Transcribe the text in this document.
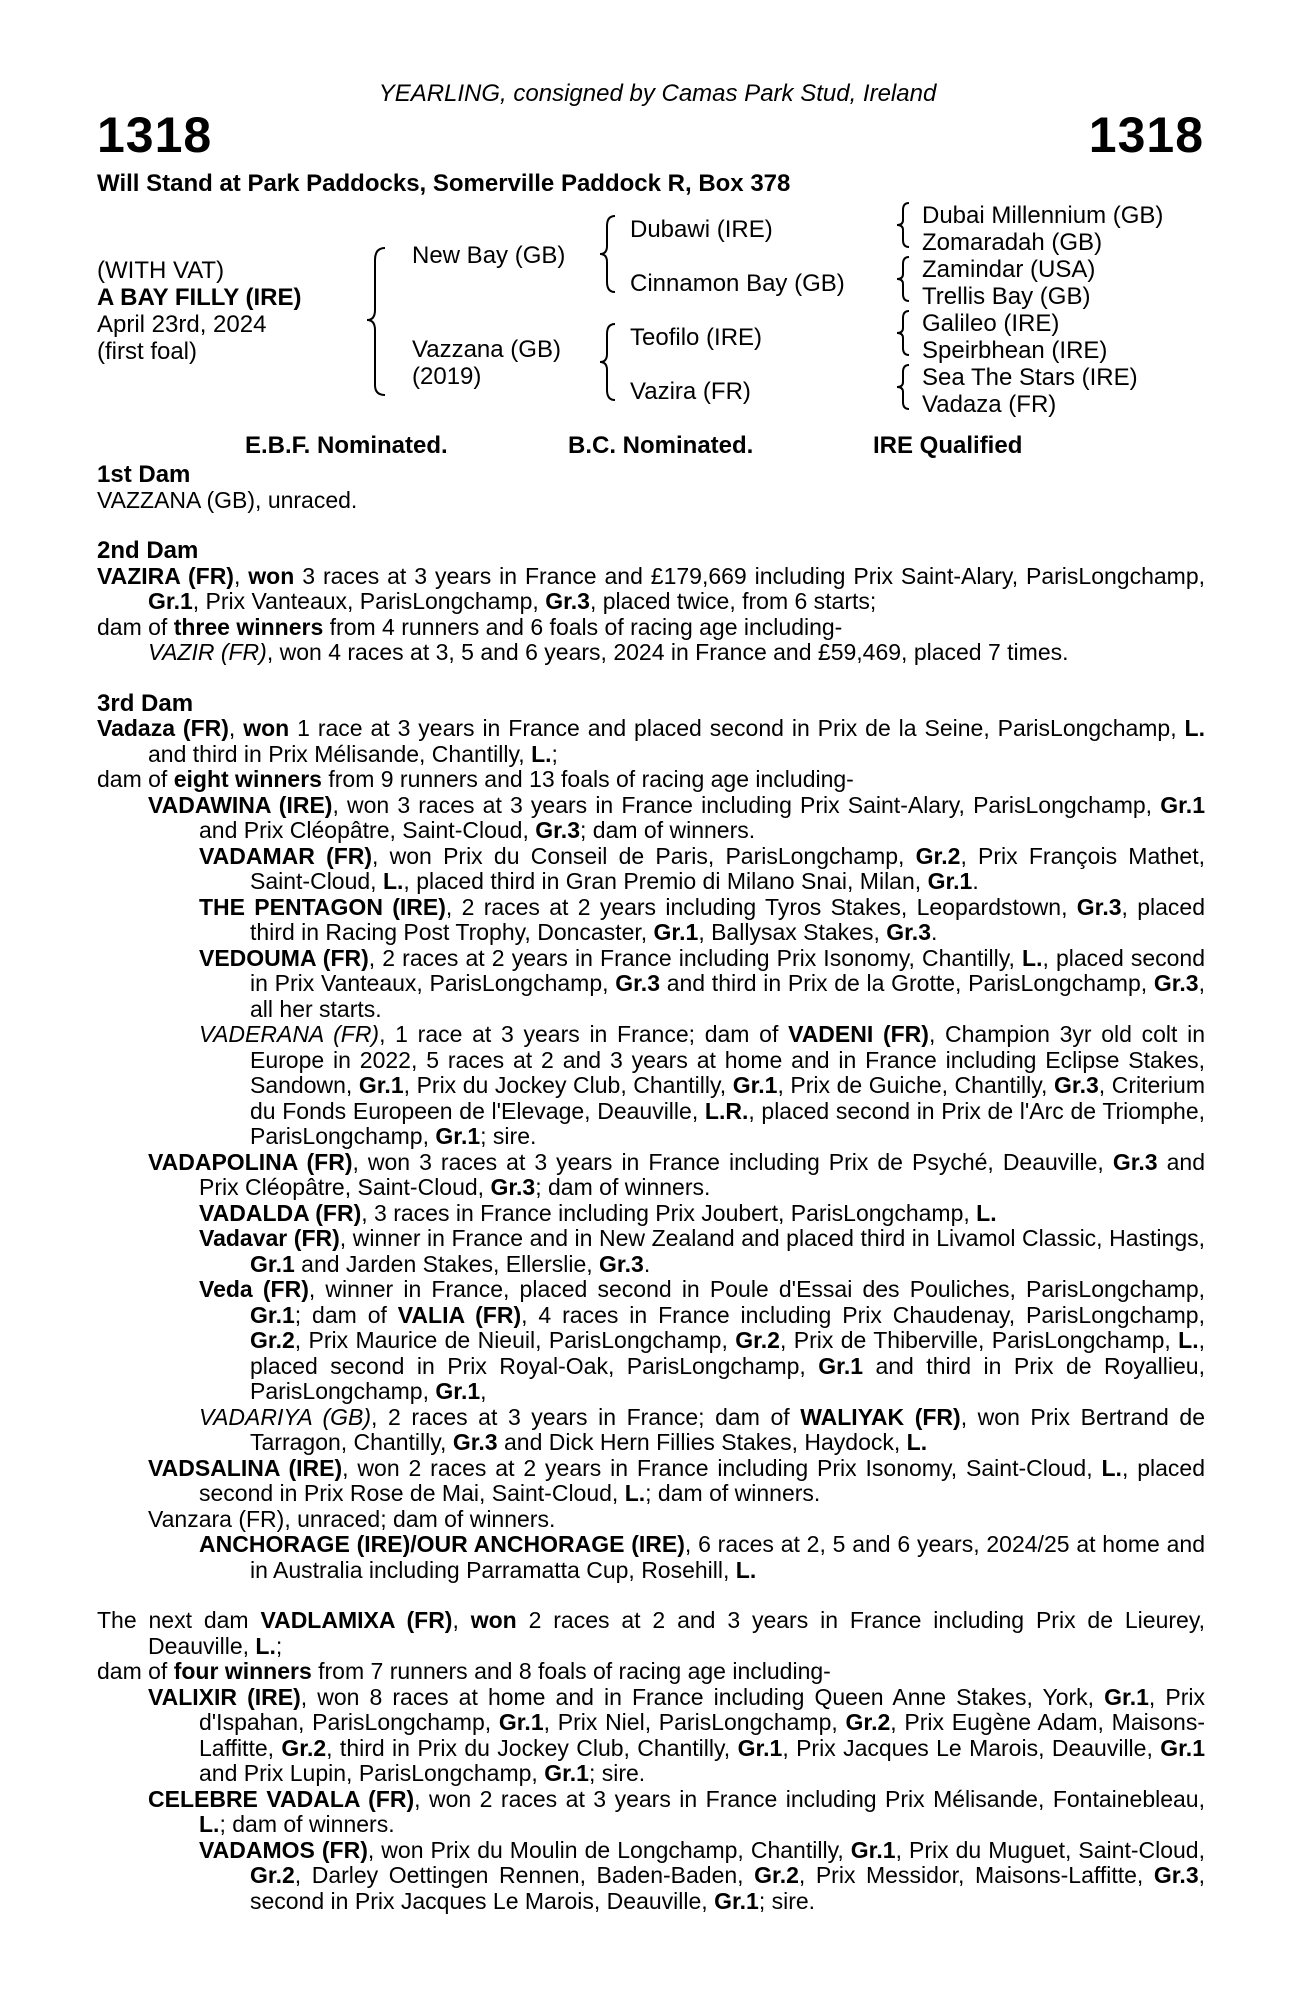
YEARLING, consigned by Camas Park Stud, Ireland
1318	1318
Will Stand at Park Paddocks, Somerville Paddock R, Box 378
(WITH VAT)
A BAY FILLY (IRE)
April 23rd, 2024
(first foal)
New Bay (GB)
Vazzana (GB)
(2019)
Dubawi (IRE)
Cinnamon Bay (GB)
Teofilo (IRE)
Vazira (FR)
Dubai Millennium (GB)
Zomaradah (GB)
Zamindar (USA)
Trellis Bay (GB)
Galileo (IRE)
Speirbhean (IRE)
Sea The Stars (IRE)
Vadaza (FR)
E.B.F. Nominated.	B.C. Nominated.	IRE Qualified
1st Dam

VAZZANA (GB), unraced.

2nd Dam

VAZIRA (FR), won 3 races at 3 years in France and £179,669 including Prix Saint-Alary, ParisLongchamp, Gr.1, Prix Vanteaux, ParisLongchamp, Gr.3, placed twice, from 6 starts;

dam of three winners from 4 runners and 6 foals of racing age including-

VAZIR (FR), won 4 races at 3, 5 and 6 years, 2024 in France and £59,469, placed 7 times.

3rd Dam

Vadaza (FR), won 1 race at 3 years in France and placed second in Prix de la Seine, ParisLongchamp, L. and third in Prix Mélisande, Chantilly, L.;

dam of eight winners from 9 runners and 13 foals of racing age including-

VADAWINA (IRE), won 3 races at 3 years in France including Prix Saint-Alary, ParisLongchamp, Gr.1 and Prix Cléopâtre, Saint-Cloud, Gr.3; dam of winners.

VADAMAR (FR), won Prix du Conseil de Paris, ParisLongchamp, Gr.2, Prix François Mathet, Saint-Cloud, L., placed third in Gran Premio di Milano Snai, Milan, Gr.1.

THE PENTAGON (IRE), 2 races at 2 years including Tyros Stakes, Leopardstown, Gr.3, placed third in Racing Post Trophy, Doncaster, Gr.1, Ballysax Stakes, Gr.3.

VEDOUMA (FR), 2 races at 2 years in France including Prix Isonomy, Chantilly, L., placed second in Prix Vanteaux, ParisLongchamp, Gr.3 and third in Prix de la Grotte, ParisLongchamp, Gr.3, all her starts.

VADERANA (FR), 1 race at 3 years in France; dam of VADENI (FR), Champion 3yr old colt in Europe in 2022, 5 races at 2 and 3 years at home and in France including Eclipse Stakes, Sandown, Gr.1, Prix du Jockey Club, Chantilly, Gr.1, Prix de Guiche, Chantilly, Gr.3, Criterium du Fonds Europeen de l'Elevage, Deauville, L.R., placed second in Prix de l'Arc de Triomphe, ParisLongchamp, Gr.1; sire.

VADAPOLINA (FR), won 3 races at 3 years in France including Prix de Psyché, Deauville, Gr.3 and Prix Cléopâtre, Saint-Cloud, Gr.3; dam of winners.

VADALDA (FR), 3 races in France including Prix Joubert, ParisLongchamp, L.

Vadavar (FR), winner in France and in New Zealand and placed third in Livamol Classic, Hastings, Gr.1 and Jarden Stakes, Ellerslie, Gr.3.

Veda (FR), winner in France, placed second in Poule d'Essai des Pouliches, ParisLongchamp, Gr.1; dam of VALIA (FR), 4 races in France including Prix Chaudenay, ParisLongchamp, Gr.2, Prix Maurice de Nieuil, ParisLongchamp, Gr.2, Prix de Thiberville, ParisLongchamp, L., placed second in Prix Royal-Oak, ParisLongchamp, Gr.1 and third in Prix de Royallieu, ParisLongchamp, Gr.1,

VADARIYA (GB), 2 races at 3 years in France; dam of WALIYAK (FR), won Prix Bertrand de Tarragon, Chantilly, Gr.3 and Dick Hern Fillies Stakes, Haydock, L.

VADSALINA (IRE), won 2 races at 2 years in France including Prix Isonomy, Saint-Cloud, L., placed second in Prix Rose de Mai, Saint-Cloud, L.; dam of winners.

Vanzara (FR), unraced; dam of winners.

ANCHORAGE (IRE)/OUR ANCHORAGE (IRE), 6 races at 2, 5 and 6 years, 2024/25 at home and in Australia including Parramatta Cup, Rosehill, L.

The next dam VADLAMIXA (FR), won 2 races at 2 and 3 years in France including Prix de Lieurey, Deauville, L.;

dam of four winners from 7 runners and 8 foals of racing age including-

VALIXIR (IRE), won 8 races at home and in France including Queen Anne Stakes, York, Gr.1, Prix d'Ispahan, ParisLongchamp, Gr.1, Prix Niel, ParisLongchamp, Gr.2, Prix Eugène Adam, Maisons-Laffitte, Gr.2, third in Prix du Jockey Club, Chantilly, Gr.1, Prix Jacques Le Marois, Deauville, Gr.1 and Prix Lupin, ParisLongchamp, Gr.1; sire.

CELEBRE VADALA (FR), won 2 races at 3 years in France including Prix Mélisande, Fontainebleau, L.; dam of winners.

VADAMOS (FR), won Prix du Moulin de Longchamp, Chantilly, Gr.1, Prix du Muguet, Saint-Cloud, Gr.2, Darley Oettingen Rennen, Baden-Baden, Gr.2, Prix Messidor, Maisons-Laffitte, Gr.3, second in Prix Jacques Le Marois, Deauville, Gr.1; sire.
